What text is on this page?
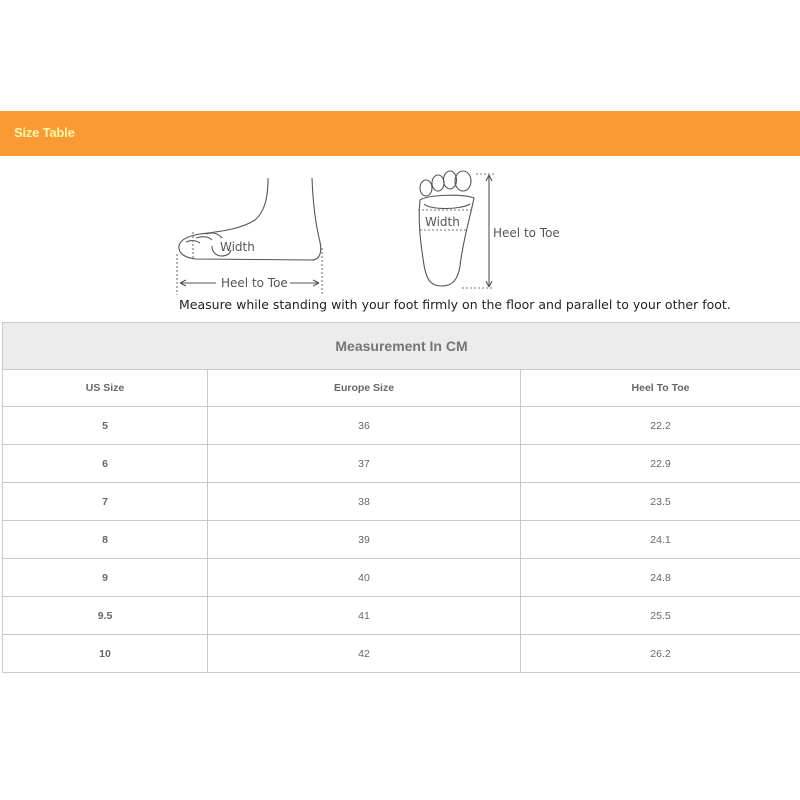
Size Table
Width
Heel to Toe
Width
Heel to Toe
Measure while standing with your foot firmly on the floor and parallel to your other foot.
Measurement In CM		
US Size	Europe Size	Heel To Toe
5	36	22.2
6	37	22.9
7	38	23.5
8	39	24.1
9	40	24.8
9.5	41	25.5
10	42	26.2
